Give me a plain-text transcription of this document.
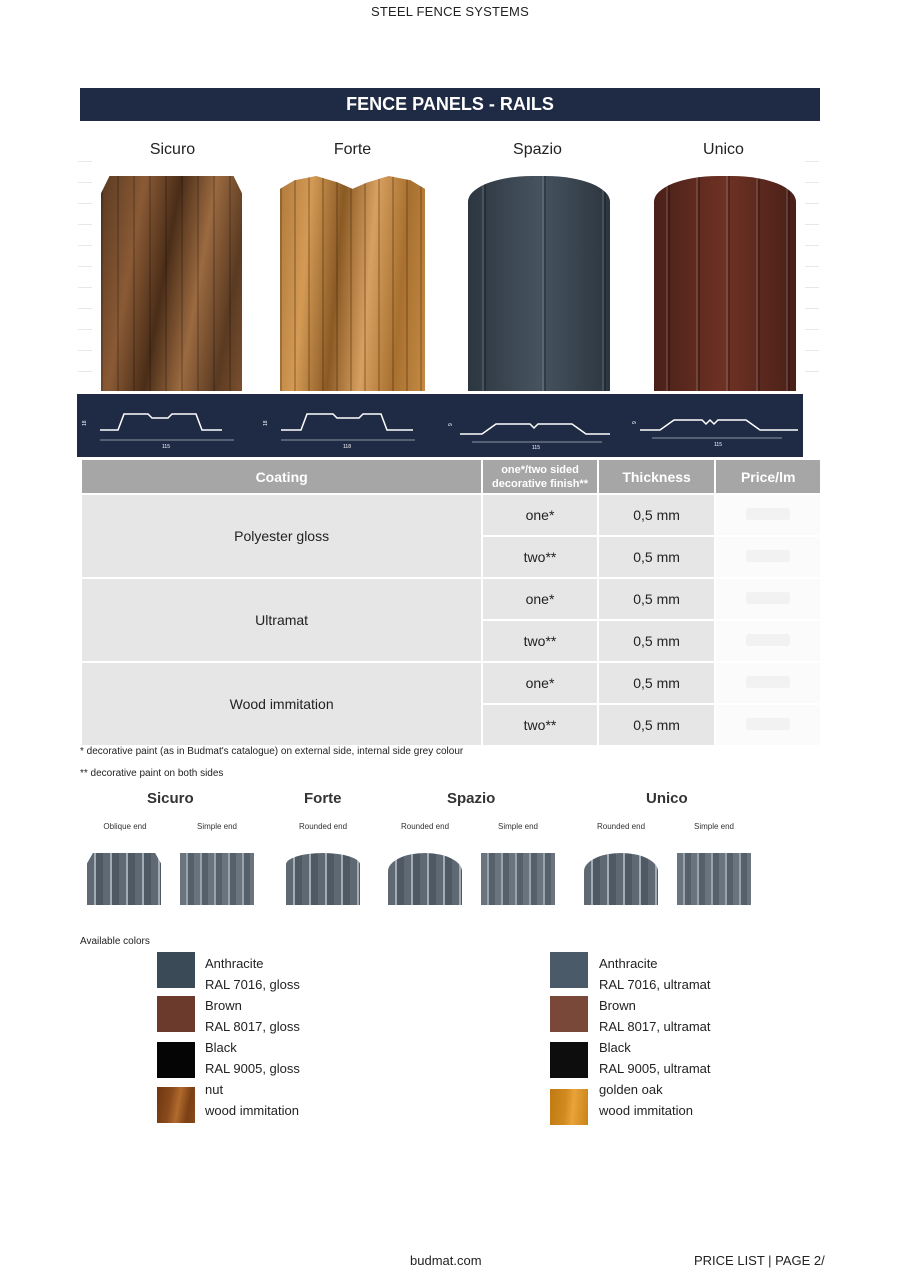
STEEL FENCE SYSTEMS
FENCE PANELS - RAILS
Sicuro	Forte	Spazio	Unico
18
115
18
118
9
115
9
115
Coating	one*/two sided decorative finish**	Thickness	Price/lm
Polyester gloss	one*	0,5 mm	
	two**	0,5 mm	
Ultramat	one*	0,5 mm	
	two**	0,5 mm	
Wood immitation	one*	0,5 mm	
	two**	0,5 mm	
* decorative paint (as in Budmat's catalogue) on external side, internal side grey colour
** decorative paint on both sides
Sicuro	Forte	Spazio	Unico
Oblique end	Simple end	Rounded end	Rounded end	Simple end	Rounded end	Simple end
Available colors
Anthracite
RAL 7016, gloss
Brown
RAL 8017, gloss
Black
RAL 9005, gloss
nut
wood immitation
Anthracite
RAL 7016, ultramat
Brown
RAL 8017, ultramat
Black
RAL 9005, ultramat
golden oak
wood immitation
budmat.com	PRICE LIST | PAGE 2/
